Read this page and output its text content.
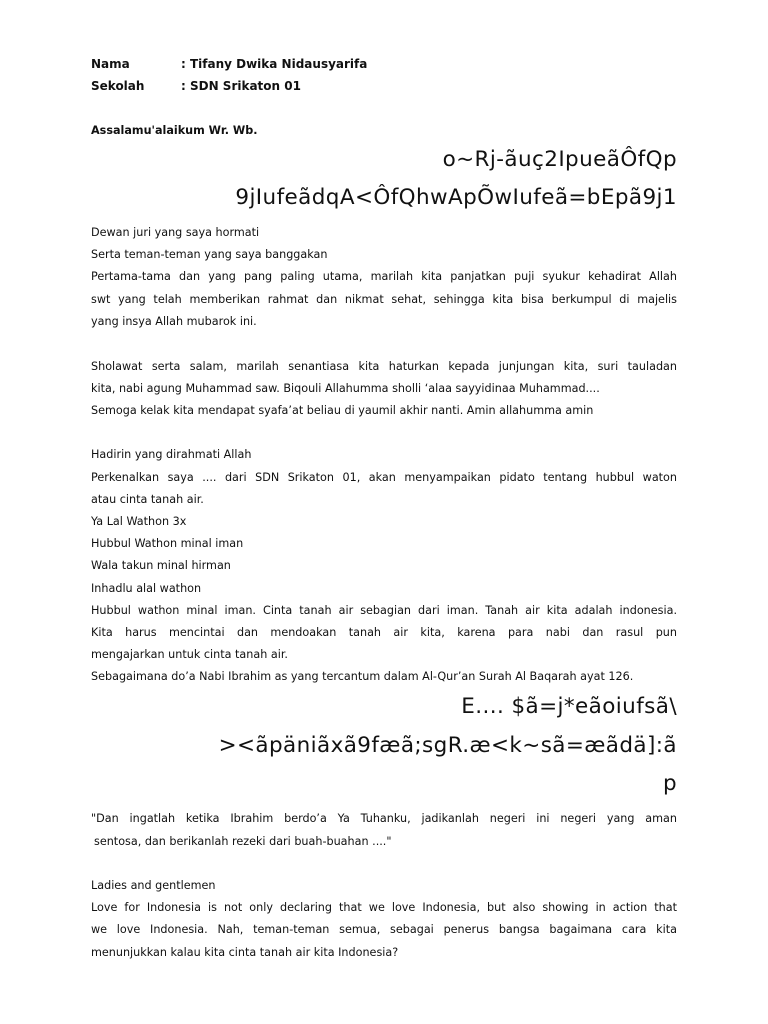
Nama	: Tifany Dwika Nidausyarifa
Sekolah	: SDN Srikaton 01
Assalamu'alaikum Wr. Wb.
o~Rj-ãuç2IpueãÔfQp
9jIufeãdqA<ÔfQhwApÕwIufeã=bEpã9j1
Dewan juri yang saya hormati
Serta teman-teman yang saya banggakan
Pertama-tama dan yang pang paling utama, marilah kita panjatkan puji syukur kehadirat Allah
swt yang telah memberikan rahmat dan nikmat sehat, sehingga kita bisa berkumpul di majelis
yang insya Allah mubarok ini.
Sholawat serta salam, marilah senantiasa kita haturkan kepada junjungan kita, suri tauladan
kita, nabi agung Muhammad saw. Biqouli Allahumma sholli ‘alaa sayyidinaa Muhammad....
Semoga kelak kita mendapat syafa’at beliau di yaumil akhir nanti. Amin allahumma amin
Hadirin yang dirahmati Allah
Perkenalkan saya .... dari SDN Srikaton 01, akan menyampaikan pidato tentang hubbul waton
atau cinta tanah air.
Ya Lal Wathon 3x
Hubbul Wathon minal iman
Wala takun minal hirman
Inhadlu alal wathon
Hubbul wathon minal iman. Cinta tanah air sebagian dari iman. Tanah air kita adalah indonesia.
Kita harus mencintai dan mendoakan tanah air kita, karena para nabi dan rasul pun
mengajarkan untuk cinta tanah air.
Sebagaimana do’a Nabi Ibrahim as yang tercantum dalam Al-Qur’an Surah Al Baqarah ayat 126.
E.... $ã=j*eãoiufsã\
><ãpäniãxã9fæã;sgR.æ<k~sã=æãdä]:ã
p
"Dan ingatlah ketika Ibrahim berdo’a Ya Tuhanku, jadikanlah negeri ini negeri yang aman
sentosa, dan berikanlah rezeki dari buah-buahan ...."
Ladies and gentlemen
Love for Indonesia is not only declaring that we love Indonesia, but also showing in action that
we love Indonesia. Nah, teman-teman semua, sebagai penerus bangsa bagaimana cara kita
menunjukkan kalau kita cinta tanah air kita Indonesia?
